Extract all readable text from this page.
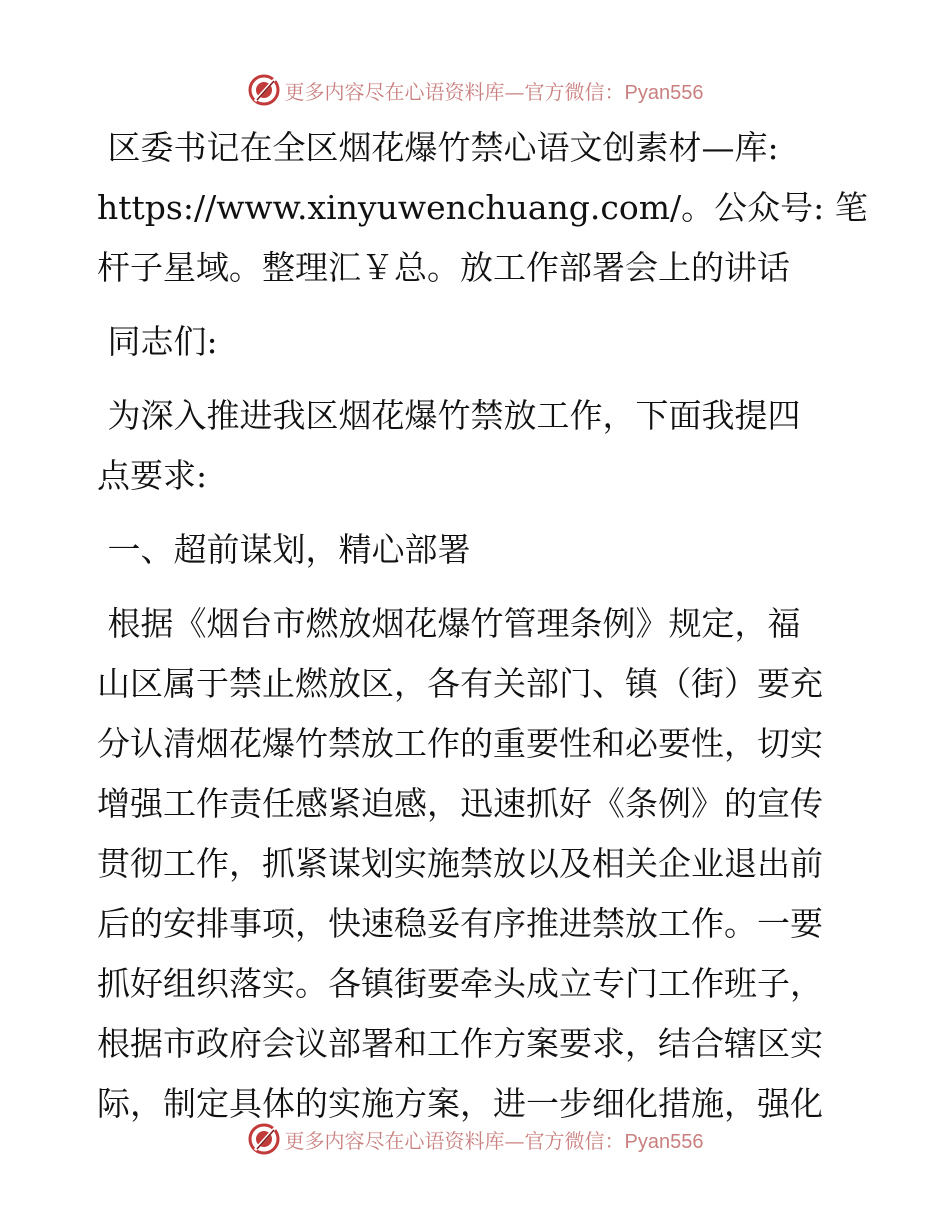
更多内容尽在心语资料库—官方微信：Pyan556
区委书记在全区烟花爆竹禁心语文创素材—库:
https://www.xinyuwenchuang.com/。公众号: 笔
杆子星域。整理汇￥总。放工作部署会上的讲话
同志们:
为深入推进我区烟花爆竹禁放工作，下面我提四
点要求:
一、超前谋划，精心部署
根据《烟台市燃放烟花爆竹管理条例》规定，福
山区属于禁止燃放区，各有关部门、镇（街）要充
分认清烟花爆竹禁放工作的重要性和必要性，切实
增强工作责任感紧迫感，迅速抓好《条例》的宣传
贯彻工作，抓紧谋划实施禁放以及相关企业退出前
后的安排事项，快速稳妥有序推进禁放工作。一要
抓好组织落实。各镇街要牵头成立专门工作班子，
根据市政府会议部署和工作方案要求，结合辖区实
际，制定具体的实施方案，进一步细化措施，强化
更多内容尽在心语资料库—官方微信：Pyan556
